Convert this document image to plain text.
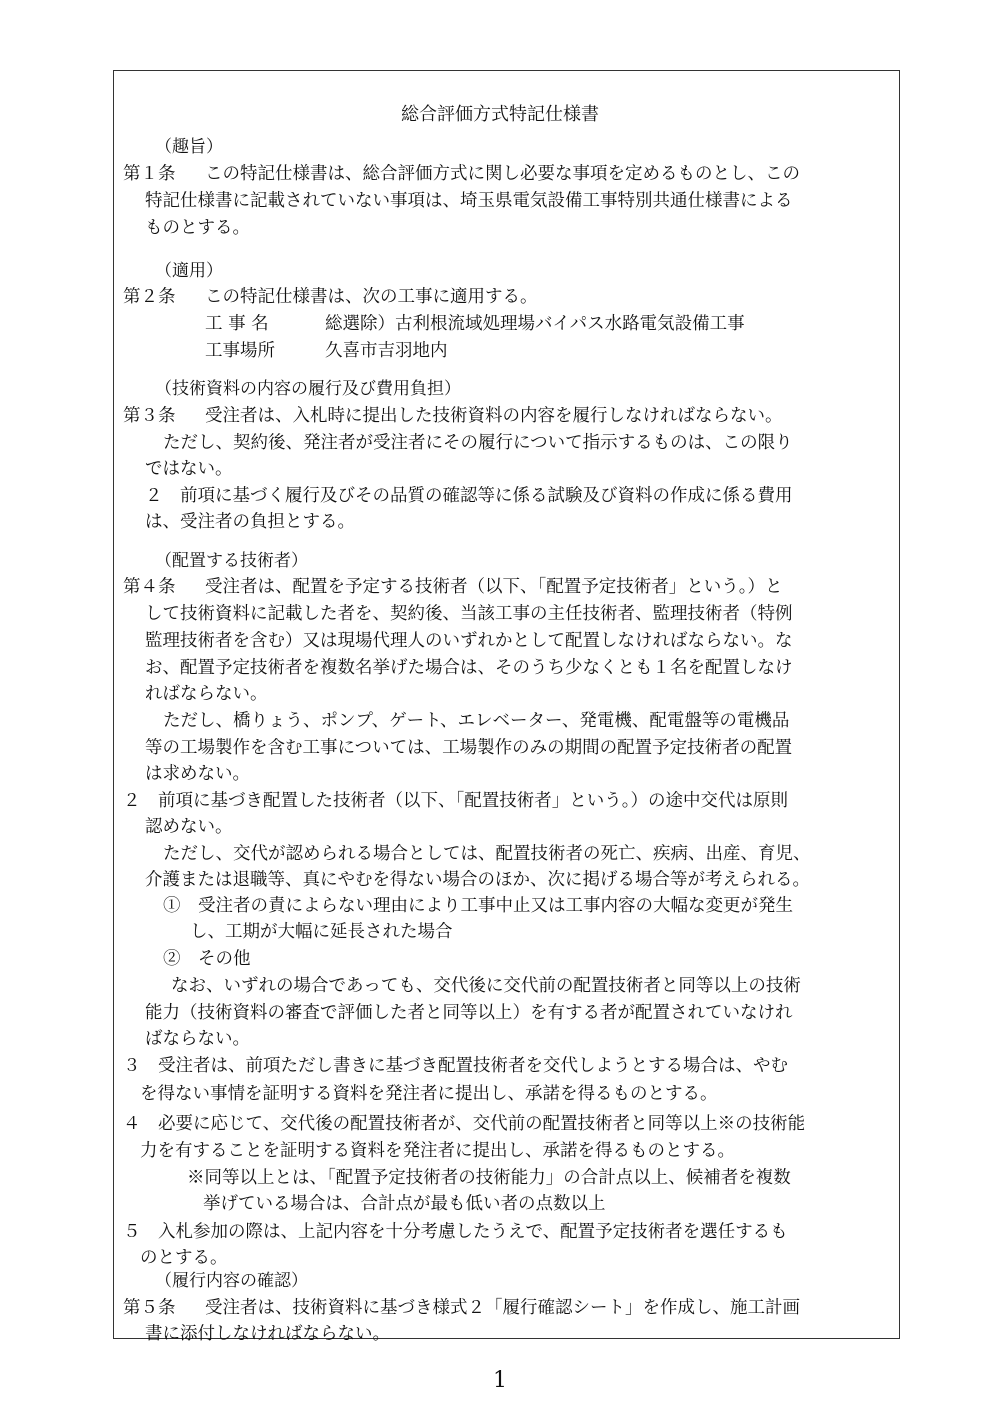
総合評価方式特記仕様書
（趣旨）
第１条 この特記仕様書は、総合評価方式に関し必要な事項を定めるものとし、この
特記仕様書に記載されていない事項は、埼玉県電気設備工事特別共通仕様書による
ものとする。
（適用）
第２条 この特記仕様書は、次の工事に適用する。
工 事 名	総選除）古利根流域処理場バイパス水路電気設備工事
工事場所	久喜市吉羽地内
（技術資料の内容の履行及び費用負担）
第３条 受注者は、入札時に提出した技術資料の内容を履行しなければならない。
ただし、契約後、発注者が受注者にその履行について指示するものは、この限り
ではない。
２　前項に基づく履行及びその品質の確認等に係る試験及び資料の作成に係る費用
は、受注者の負担とする。
（配置する技術者）
第４条 受注者は、配置を予定する技術者（以下、「配置予定技術者」という。）と
して技術資料に記載した者を、契約後、当該工事の主任技術者、監理技術者（特例
監理技術者を含む）又は現場代理人のいずれかとして配置しなければならない。な
お、配置予定技術者を複数名挙げた場合は、そのうち少なくとも１名を配置しなけ
ればならない。
ただし、橋りょう、ポンプ、ゲート、エレベーター、発電機、配電盤等の電機品
等の工場製作を含む工事については、工場製作のみの期間の配置予定技術者の配置
は求めない。
２　前項に基づき配置した技術者（以下、「配置技術者」という。）の途中交代は原則
認めない。
ただし、交代が認められる場合としては、配置技術者の死亡、疾病、出産、育児、
介護または退職等、真にやむを得ない場合のほか、次に掲げる場合等が考えられる。
①　受注者の責によらない理由により工事中止又は工事内容の大幅な変更が発生
し、工期が大幅に延長された場合
②　その他
なお、いずれの場合であっても、交代後に交代前の配置技術者と同等以上の技術
能力（技術資料の審査で評価した者と同等以上）を有する者が配置されていなけれ
ばならない。
３　受注者は、前項ただし書きに基づき配置技術者を交代しようとする場合は、やむ
を得ない事情を証明する資料を発注者に提出し、承諾を得るものとする。
４　必要に応じて、交代後の配置技術者が、交代前の配置技術者と同等以上※の技術能
力を有することを証明する資料を発注者に提出し、承諾を得るものとする。
※同等以上とは、「配置予定技術者の技術能力」の合計点以上、候補者を複数
挙げている場合は、合計点が最も低い者の点数以上
５　入札参加の際は、上記内容を十分考慮したうえで、配置予定技術者を選任するも
のとする。
（履行内容の確認）
第５条 受注者は、技術資料に基づき様式２「履行確認シート」を作成し、施工計画
書に添付しなければならない。
1
